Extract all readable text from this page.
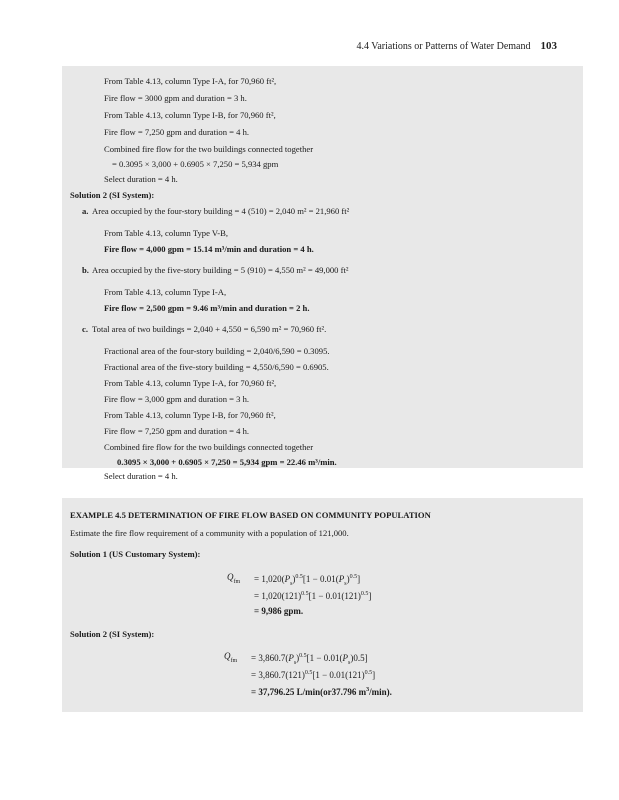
4.4 Variations or Patterns of Water Demand 103
From Table 4.13, column Type I-A, for 70,960 ft²,
Fire flow = 3000 gpm and duration = 3 h.
From Table 4.13, column Type I-B, for 70,960 ft²,
Fire flow = 7,250 gpm and duration = 4 h.
Combined fire flow for the two buildings connected together
= 0.3095 × 3,000 + 0.6905 × 7,250 = 5,934 gpm
Select duration = 4 h.
Solution 2 (SI System):
a. Area occupied by the four-story building = 4 (510) = 2,040 m² = 21,960 ft²
From Table 4.13, column Type V-B,
Fire flow = 4,000 gpm = 15.14 m³/min and duration = 4 h.
b. Area occupied by the five-story building = 5 (910) = 4,550 m² = 49,000 ft²
From Table 4.13, column Type I-A,
Fire flow = 2,500 gpm = 9.46 m³/min and duration = 2 h.
c. Total area of two buildings = 2,040 + 4,550 = 6,590 m² = 70,960 ft².
Fractional area of the four-story building = 2,040/6,590 = 0.3095.
Fractional area of the five-story building = 4,550/6,590 = 0.6905.
From Table 4.13, column Type I-A, for 70,960 ft²,
Fire flow = 3,000 gpm and duration = 3 h.
From Table 4.13, column Type I-B, for 70,960 ft²,
Fire flow = 7,250 gpm and duration = 4 h.
Combined fire flow for the two buildings connected together
0.3095 × 3,000 + 0.6905 × 7,250 = 5,934 gpm = 22.46 m³/min.
Select duration = 4 h.
EXAMPLE 4.5 DETERMINATION OF FIRE FLOW BASED ON COMMUNITY POPULATION
Estimate the fire flow requirement of a community with a population of 121,000.
Solution 1 (US Customary System):
$Q_{fm} = 1,020(P_s)^{0.5}[1 - 0.01(P_s)^{0.5}]$
= $1,020(121)^{0.5}[1 - 0.01(121)^{0.5}]$
= 9,986 gpm.
Solution 2 (SI System):
$Q_{fm} = 3,860.7(P_s)^{0.5}[1 - 0.01(P_s)0.5]$
= $3,860.7(121)^{0.5}[1 - 0.01(121)^{0.5}]$
= 37,796.25 L/min(or37.796 $m^3/\min$).
